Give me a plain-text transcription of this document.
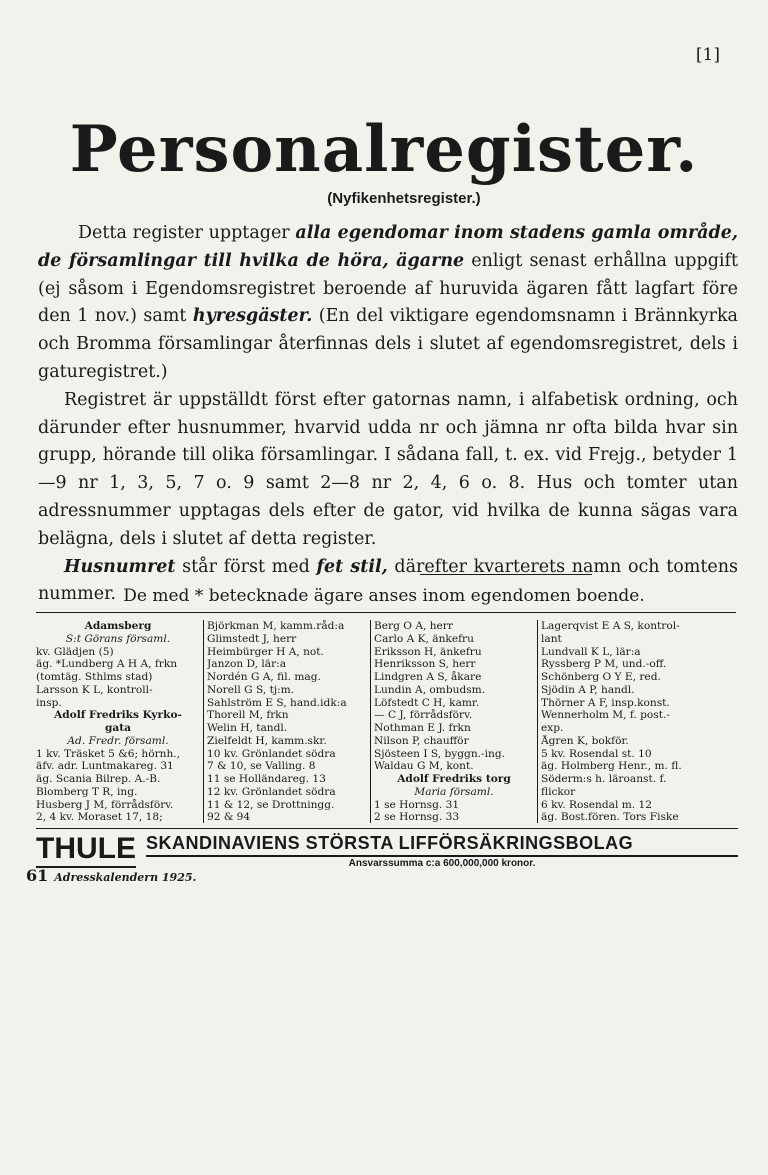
[1]
Personalregister.
(Nyfikenhetsregister.)

Detta register upptager alla egendomar inom stadens gamla område, de församlingar till hvilka de höra, ägarne enligt senast erhållna uppgift (ej såsom i Egendomsregistret beroende af huruvida ägaren fått lagfart före den 1 nov.) samt hyresgäster. (En del viktigare egendomsnamn i Brännkyrka och Bromma församlingar återfinnas dels i slutet af egendomsregistret, dels i gaturegistret.)

Registret är uppställdt först efter gatornas namn, i alfabetisk ordning, och därunder efter husnummer, hvarvid udda nr och jämna nr ofta bilda hvar sin grupp, hörande till olika församlingar. I sådana fall, t. ex. vid Frejg., betyder 1—9 nr 1, 3, 5, 7 o. 9 samt 2—8 nr 2, 4, 6 o. 8. Hus och tomter utan adressnummer upptagas dels efter de gator, vid hvilka de kunna sägas vara belägna, dels i slutet af detta register.

Husnumret står först med fet stil, därefter kvarterets namn och tomtens nummer. De med * betecknade ägare anses inom egendomen boende.
Adamsberg
S:t Görans församl.
kv. Glädjen (5)
äg. *Lundberg A H A, frkn
(tomtäg. Sthlms stad)
Larsson K L, kontroll-
insp.
Adolf Fredriks Kyrko-
gata
Ad. Fredr. församl.
1 kv. Träsket 5 &6; hörnh.,
äfv. adr. Luntmakareg. 31
äg. Scania Bilrep. A.-B.
Blomberg T R, ing.
Husberg J M, förrådsförv.
2, 4 kv. Moraset 17, 18;
Björkman M, kamm.råd:a
Glimstedt J, herr
Heimbürger H A, not.
Janzon D, lär:a
Nordén G A, fil. mag.
Norell G S, tj:m.
Sahlström E S, hand.idk:a
Thorell M, frkn
Welin H, tandl.
Zielfeldt H, kamm.skr.
10 kv. Grönlandet södra
7 & 10, se Valling. 8
11 se Holländareg. 13
12 kv. Grönlandet södra
11 & 12, se Drottningg.
92 & 94
Berg O A, herr
Carlo A K, änkefru
Eriksson H, änkefru
Henriksson S, herr
Lindgren A S, åkare
Lundin A, ombudsm.
Löfstedt C H, kamr.
— C J, förrådsförv.
Nothman E J. frkn
Nilson P, chaufför
Sjösteen I S, byggn.-ing.
Waldau G M, kont.
Adolf Fredriks torg
Maria församl.
1 se Hornsg. 31
2 se Hornsg. 33
Lagerqvist E A S, kontrol-
lant
Lundvall K L, lär:a
Ryssberg P M, und.-off.
Schönberg O Y E, red.
Sjödin A P, handl.
Thörner A F, insp.konst.
Wennerholm M, f. post.-
exp.
Ågren K, bokför.
5 kv. Rosendal st. 10
äg. Holmberg Henr., m. fl.
Söderm:s h. läroanst. f.
flickor
6 kv. Rosendal m. 12
äg. Bost.fören. Tors Fiske
THULE SKANDINAVIENS STÖRSTA LIFFÖRSÄKRINGSBOLAG
Ansvarssumma c:a 600,000,000 kronor.
61 Adresskalendern 1925.
